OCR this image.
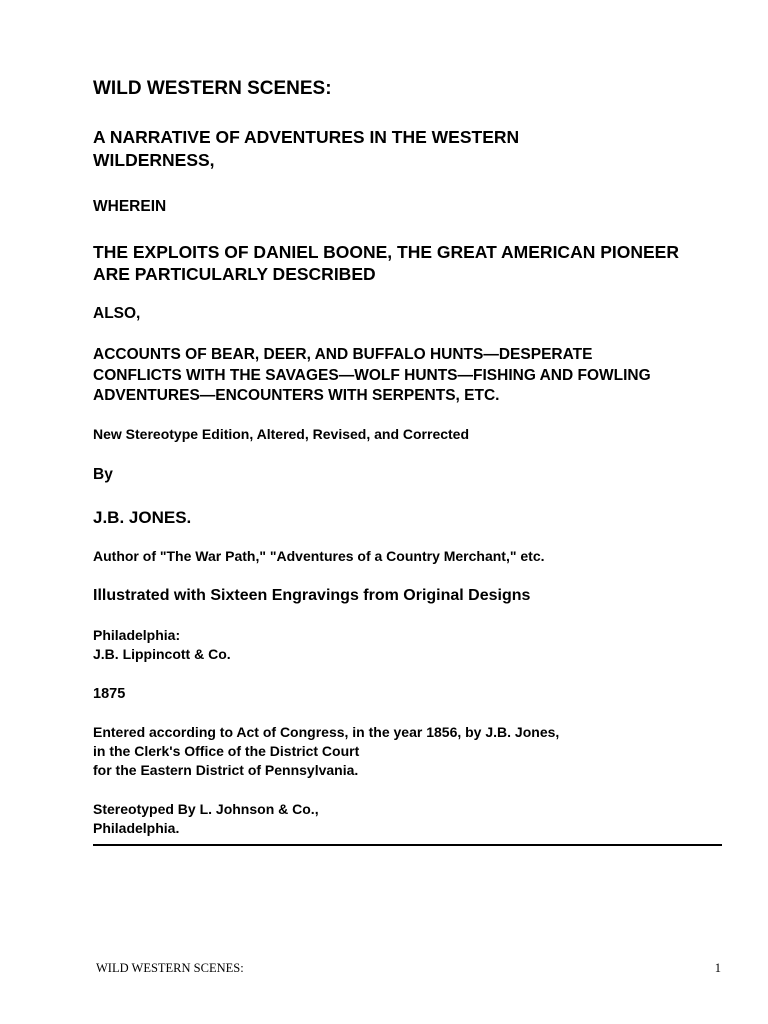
WILD WESTERN SCENES:
A NARRATIVE OF ADVENTURES IN THE WESTERN
WILDERNESS,
WHEREIN
THE EXPLOITS OF DANIEL BOONE, THE GREAT AMERICAN PIONEER
ARE PARTICULARLY DESCRIBED
ALSO,
ACCOUNTS OF BEAR, DEER, AND BUFFALO HUNTS—DESPERATE
CONFLICTS WITH THE SAVAGES—WOLF HUNTS—FISHING AND FOWLING
ADVENTURES—ENCOUNTERS WITH SERPENTS, ETC.
New Stereotype Edition, Altered, Revised, and Corrected
By
J.B. JONES.
Author of "The War Path," "Adventures of a Country Merchant," etc.
Illustrated with Sixteen Engravings from Original Designs
Philadelphia:
J.B. Lippincott & Co.
1875
Entered according to Act of Congress, in the year 1856, by J.B. Jones,
in the Clerk's Office of the District Court
for the Eastern District of Pennsylvania.
Stereotyped By L. Johnson & Co.,
Philadelphia.
WILD WESTERN SCENES:	1
